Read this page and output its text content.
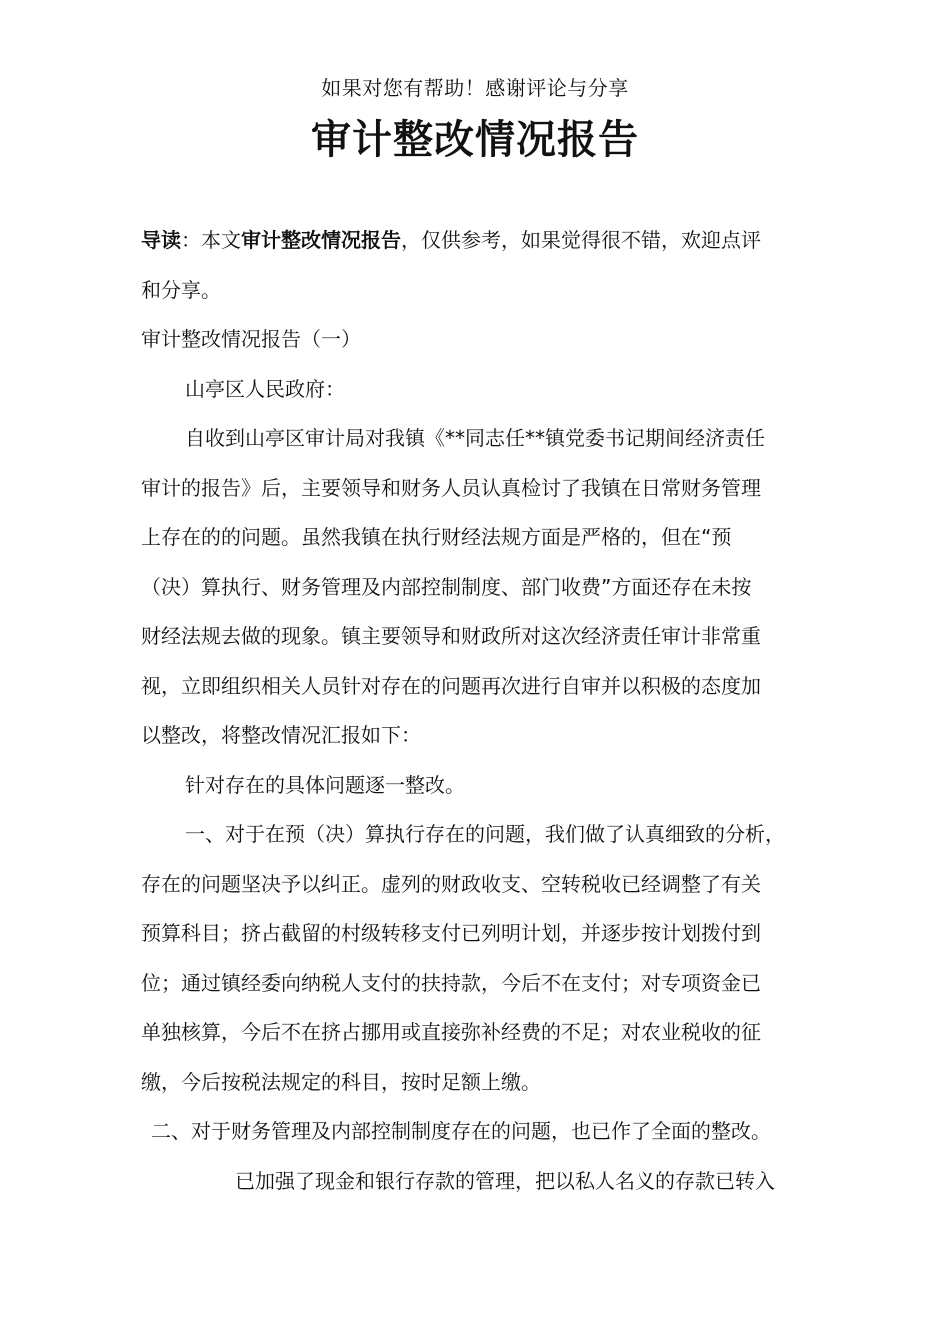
如果对您有帮助！感谢评论与分享
审计整改情况报告
导读：本文审计整改情况报告，仅供参考，如果觉得很不错，欢迎点评
和分享。
审计整改情况报告（一）
山亭区人民政府：
自收到山亭区审计局对我镇《**同志任**镇党委书记期间经济责任
审计的报告》后，主要领导和财务人员认真检讨了我镇在日常财务管理
上存在的的问题。虽然我镇在执行财经法规方面是严格的，但在“预
（决）算执行、财务管理及内部控制制度、部门收费”方面还存在未按
财经法规去做的现象。镇主要领导和财政所对这次经济责任审计非常重
视，立即组织相关人员针对存在的问题再次进行自审并以积极的态度加
以整改，将整改情况汇报如下：
针对存在的具体问题逐一整改。
一、对于在预（决）算执行存在的问题，我们做了认真细致的分析，
存在的问题坚决予以纠正。虚列的财政收支、空转税收已经调整了有关
预算科目；挤占截留的村级转移支付已列明计划，并逐步按计划拨付到
位；通过镇经委向纳税人支付的扶持款，今后不在支付；对专项资金已
单独核算，今后不在挤占挪用或直接弥补经费的不足；对农业税收的征
缴，今后按税法规定的科目，按时足额上缴。
二、对于财务管理及内部控制制度存在的问题，也已作了全面的整改。
已加强了现金和银行存款的管理，把以私人名义的存款已转入
